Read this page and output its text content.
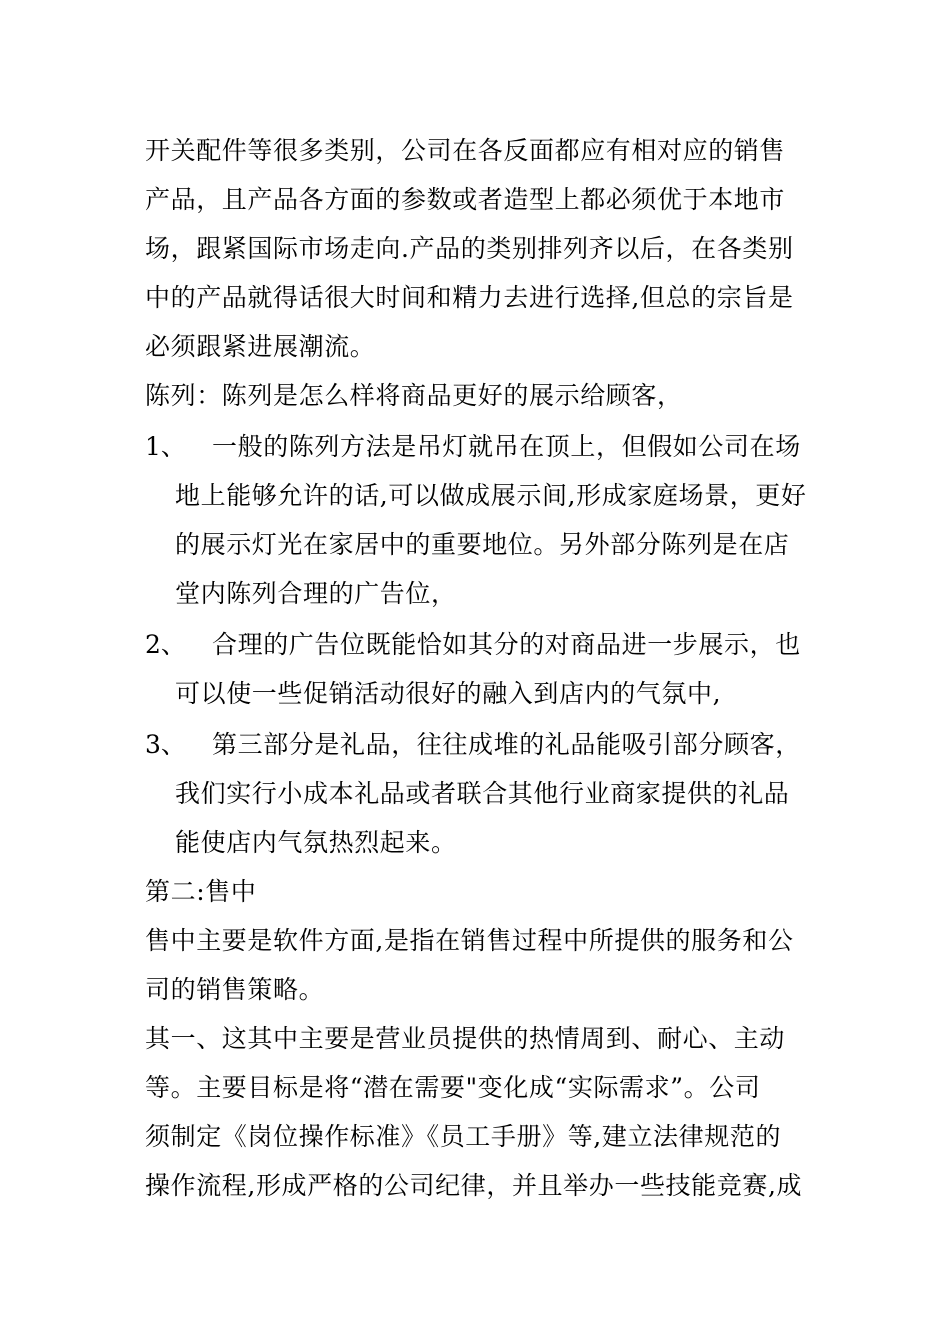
开关配件等很多类别，公司在各反面都应有相对应的销售
产品，且产品各方面的参数或者造型上都必须优于本地市
场，跟紧国际市场走向.产品的类别排列齐以后，在各类别
中的产品就得话很大时间和精力去进行选择,但总的宗旨是
必须跟紧进展潮流。
陈列：陈列是怎么样将商品更好的展示给顾客，
1、 一般的陈列方法是吊灯就吊在顶上，但假如公司在场
地上能够允许的话,可以做成展示间,形成家庭场景，更好
的展示灯光在家居中的重要地位。另外部分陈列是在店
堂内陈列合理的广告位，
2、 合理的广告位既能恰如其分的对商品进一步展示，也
可以使一些促销活动很好的融入到店内的气氛中,
3、 第三部分是礼品，往往成堆的礼品能吸引部分顾客，
我们实行小成本礼品或者联合其他行业商家提供的礼品
能使店内气氛热烈起来。
第二:售中
售中主要是软件方面,是指在销售过程中所提供的服务和公
司的销售策略。
其一、这其中主要是营业员提供的热情周到、耐心、主动
等。主要目标是将“潜在需要"变化成“实际需求”。公司
须制定《岗位操作标准》《员工手册》等,建立法律规范的
操作流程,形成严格的公司纪律，并且举办一些技能竞赛,成
